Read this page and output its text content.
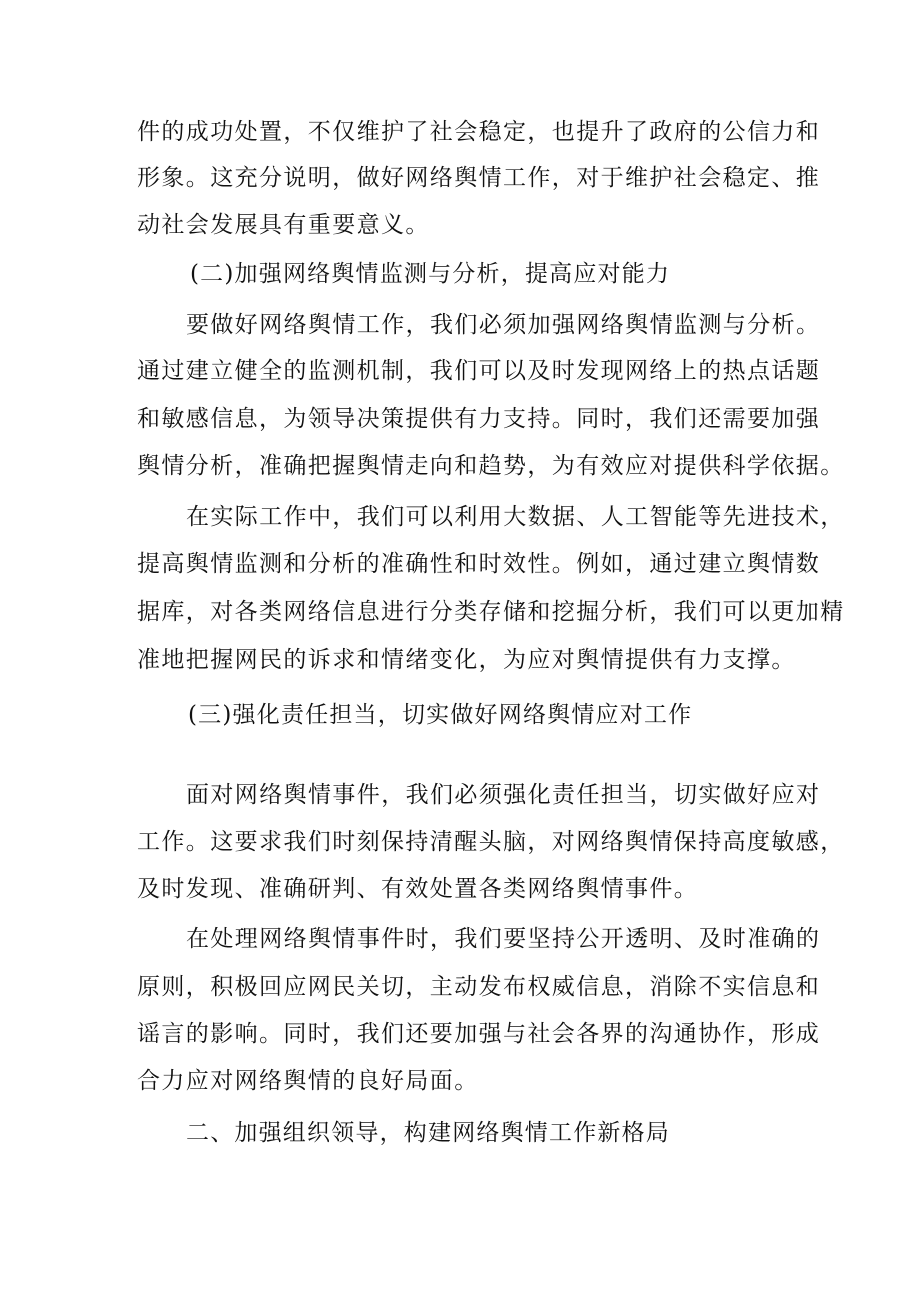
件的成功处置，不仅维护了社会稳定，也提升了政府的公信力和
形象。这充分说明，做好网络舆情工作，对于维护社会稳定、推
动社会发展具有重要意义。
(二)加强网络舆情监测与分析，提高应对能力
要做好网络舆情工作，我们必须加强网络舆情监测与分析。
通过建立健全的监测机制，我们可以及时发现网络上的热点话题
和敏感信息，为领导决策提供有力支持。同时，我们还需要加强
舆情分析，准确把握舆情走向和趋势，为有效应对提供科学依据。
在实际工作中，我们可以利用大数据、人工智能等先进技术，
提高舆情监测和分析的准确性和时效性。例如，通过建立舆情数
据库，对各类网络信息进行分类存储和挖掘分析，我们可以更加精
准地把握网民的诉求和情绪变化，为应对舆情提供有力支撑。
(三)强化责任担当，切实做好网络舆情应对工作
面对网络舆情事件，我们必须强化责任担当，切实做好应对
工作。这要求我们时刻保持清醒头脑，对网络舆情保持高度敏感，
及时发现、准确研判、有效处置各类网络舆情事件。
在处理网络舆情事件时，我们要坚持公开透明、及时准确的
原则，积极回应网民关切，主动发布权威信息，消除不实信息和
谣言的影响。同时，我们还要加强与社会各界的沟通协作，形成
合力应对网络舆情的良好局面。
二、加强组织领导，构建网络舆情工作新格局
